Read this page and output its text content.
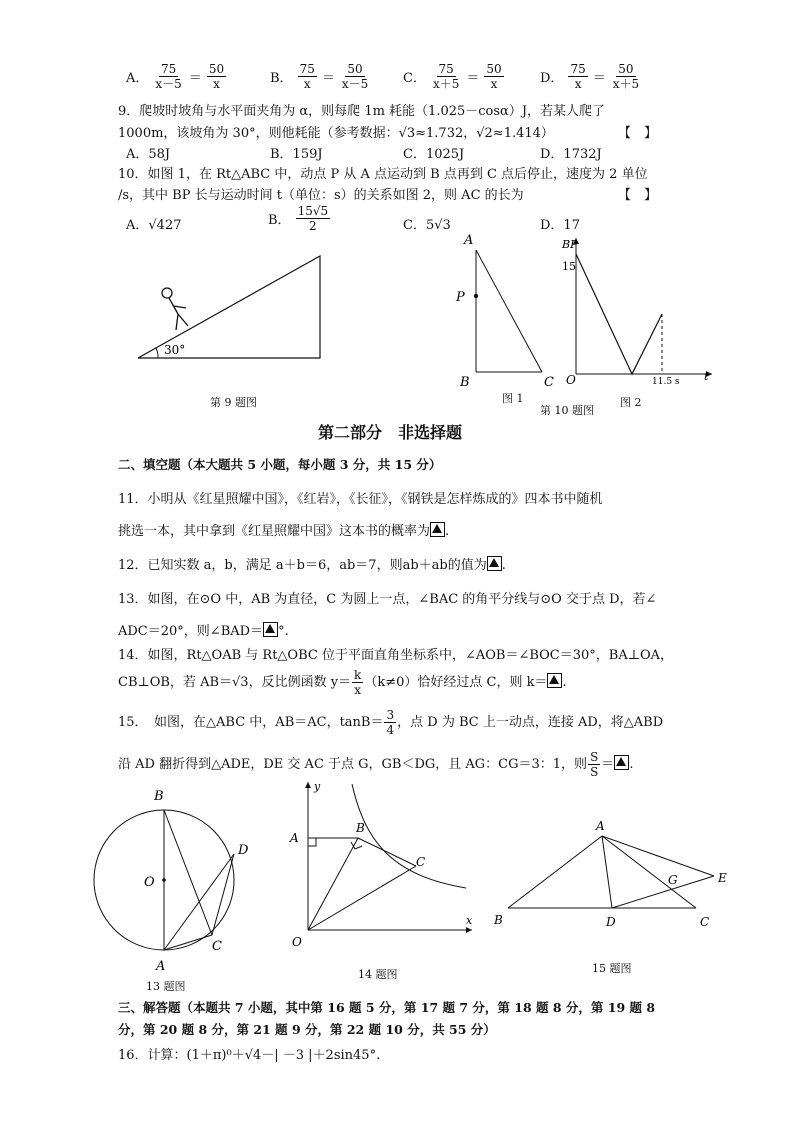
A． $\frac{75}{x-5} = \frac{50}{x}$	B． $\frac{75}{x} = \frac{50}{x-5}$	C． $\frac{75}{x+5} = \frac{50}{x}$	D． $\frac{75}{x} = \frac{50}{x+5}$
9．爬坡时坡角与水平面夹角为 α，则每爬 1m 耗能（1.025－cosα）J，若某人爬了
1000m，该坡角为 30°，则他耗能（参考数据：√3≈1.732，√2≈1.414）	【　】
A．58J	B．159J	C．1025J	D．1732J
10．如图 1，在 Rt△ABC 中，动点 P 从 A 点运动到 B 点再到 C 点后停止，速度为 2 单位
/s，其中 BP 长与运动时间 t（单位：s）的关系如图 2，则 AC 的长为	【　】
A．√427	B． $\frac{15√5}{2}$	C．5√3	D．17
30°
第 9 题图
A
P
B	C
图 1
第 10 题图
BP
15
O	11.5 s t
图 2
第二部分　非选择题
二、填空题（本大题共 5 小题，每小题 3 分，共 15 分）
11．小明从《红星照耀中国》，《红岩》，《长征》，《钢铁是怎样炼成的》四本书中随机
挑选一本，其中拿到《红星照耀中国》这本书的概率为 .
12．已知实数 a，b，满足 a＋b＝6，ab＝7，则ab＋ab的值为 .
13．如图，在⊙O 中，AB 为直径，C 为圆上一点，∠BAC 的角平分线与⊙O 交于点 D，若∠
ADC＝20°，则∠BAD＝ °.
14．如图，Rt△OAB 与 Rt△OBC 位于平面直角坐标系中，∠AOB＝∠BOC＝30°，BA⊥OA，
CB⊥OB，若 AB＝√3，反比例函数 $y= \frac{k}{x} (k\ne 0)$恰好经过点 C，则 k＝ .
15．　如图，在△ABC 中，AB＝AC，$\tan B= \frac{3}{4}$ ，点 D 为 BC 上一动点，连接 AD，将△ABD
沿 AD 翻折得到△ADE，DE 交 AC 于点 G，GB＜DG，且 AG：CG＝3：1，则 $\frac{S}{S}$ ＝ .
B
O
A
C
D
13 题图
y
A
B
C
O
x
14 题图
A
B	D	C
G	E
15 题图
三、解答题（本题共 7 小题，其中第 16 题 5 分，第 17 题 7 分，第 18 题 8 分，第 19 题 8
分，第 20 题 8 分，第 21 题 9 分，第 22 题 10 分，共 55 分）
16．计算：(1＋π)⁰＋√4－| －3 |＋2sin45°.
